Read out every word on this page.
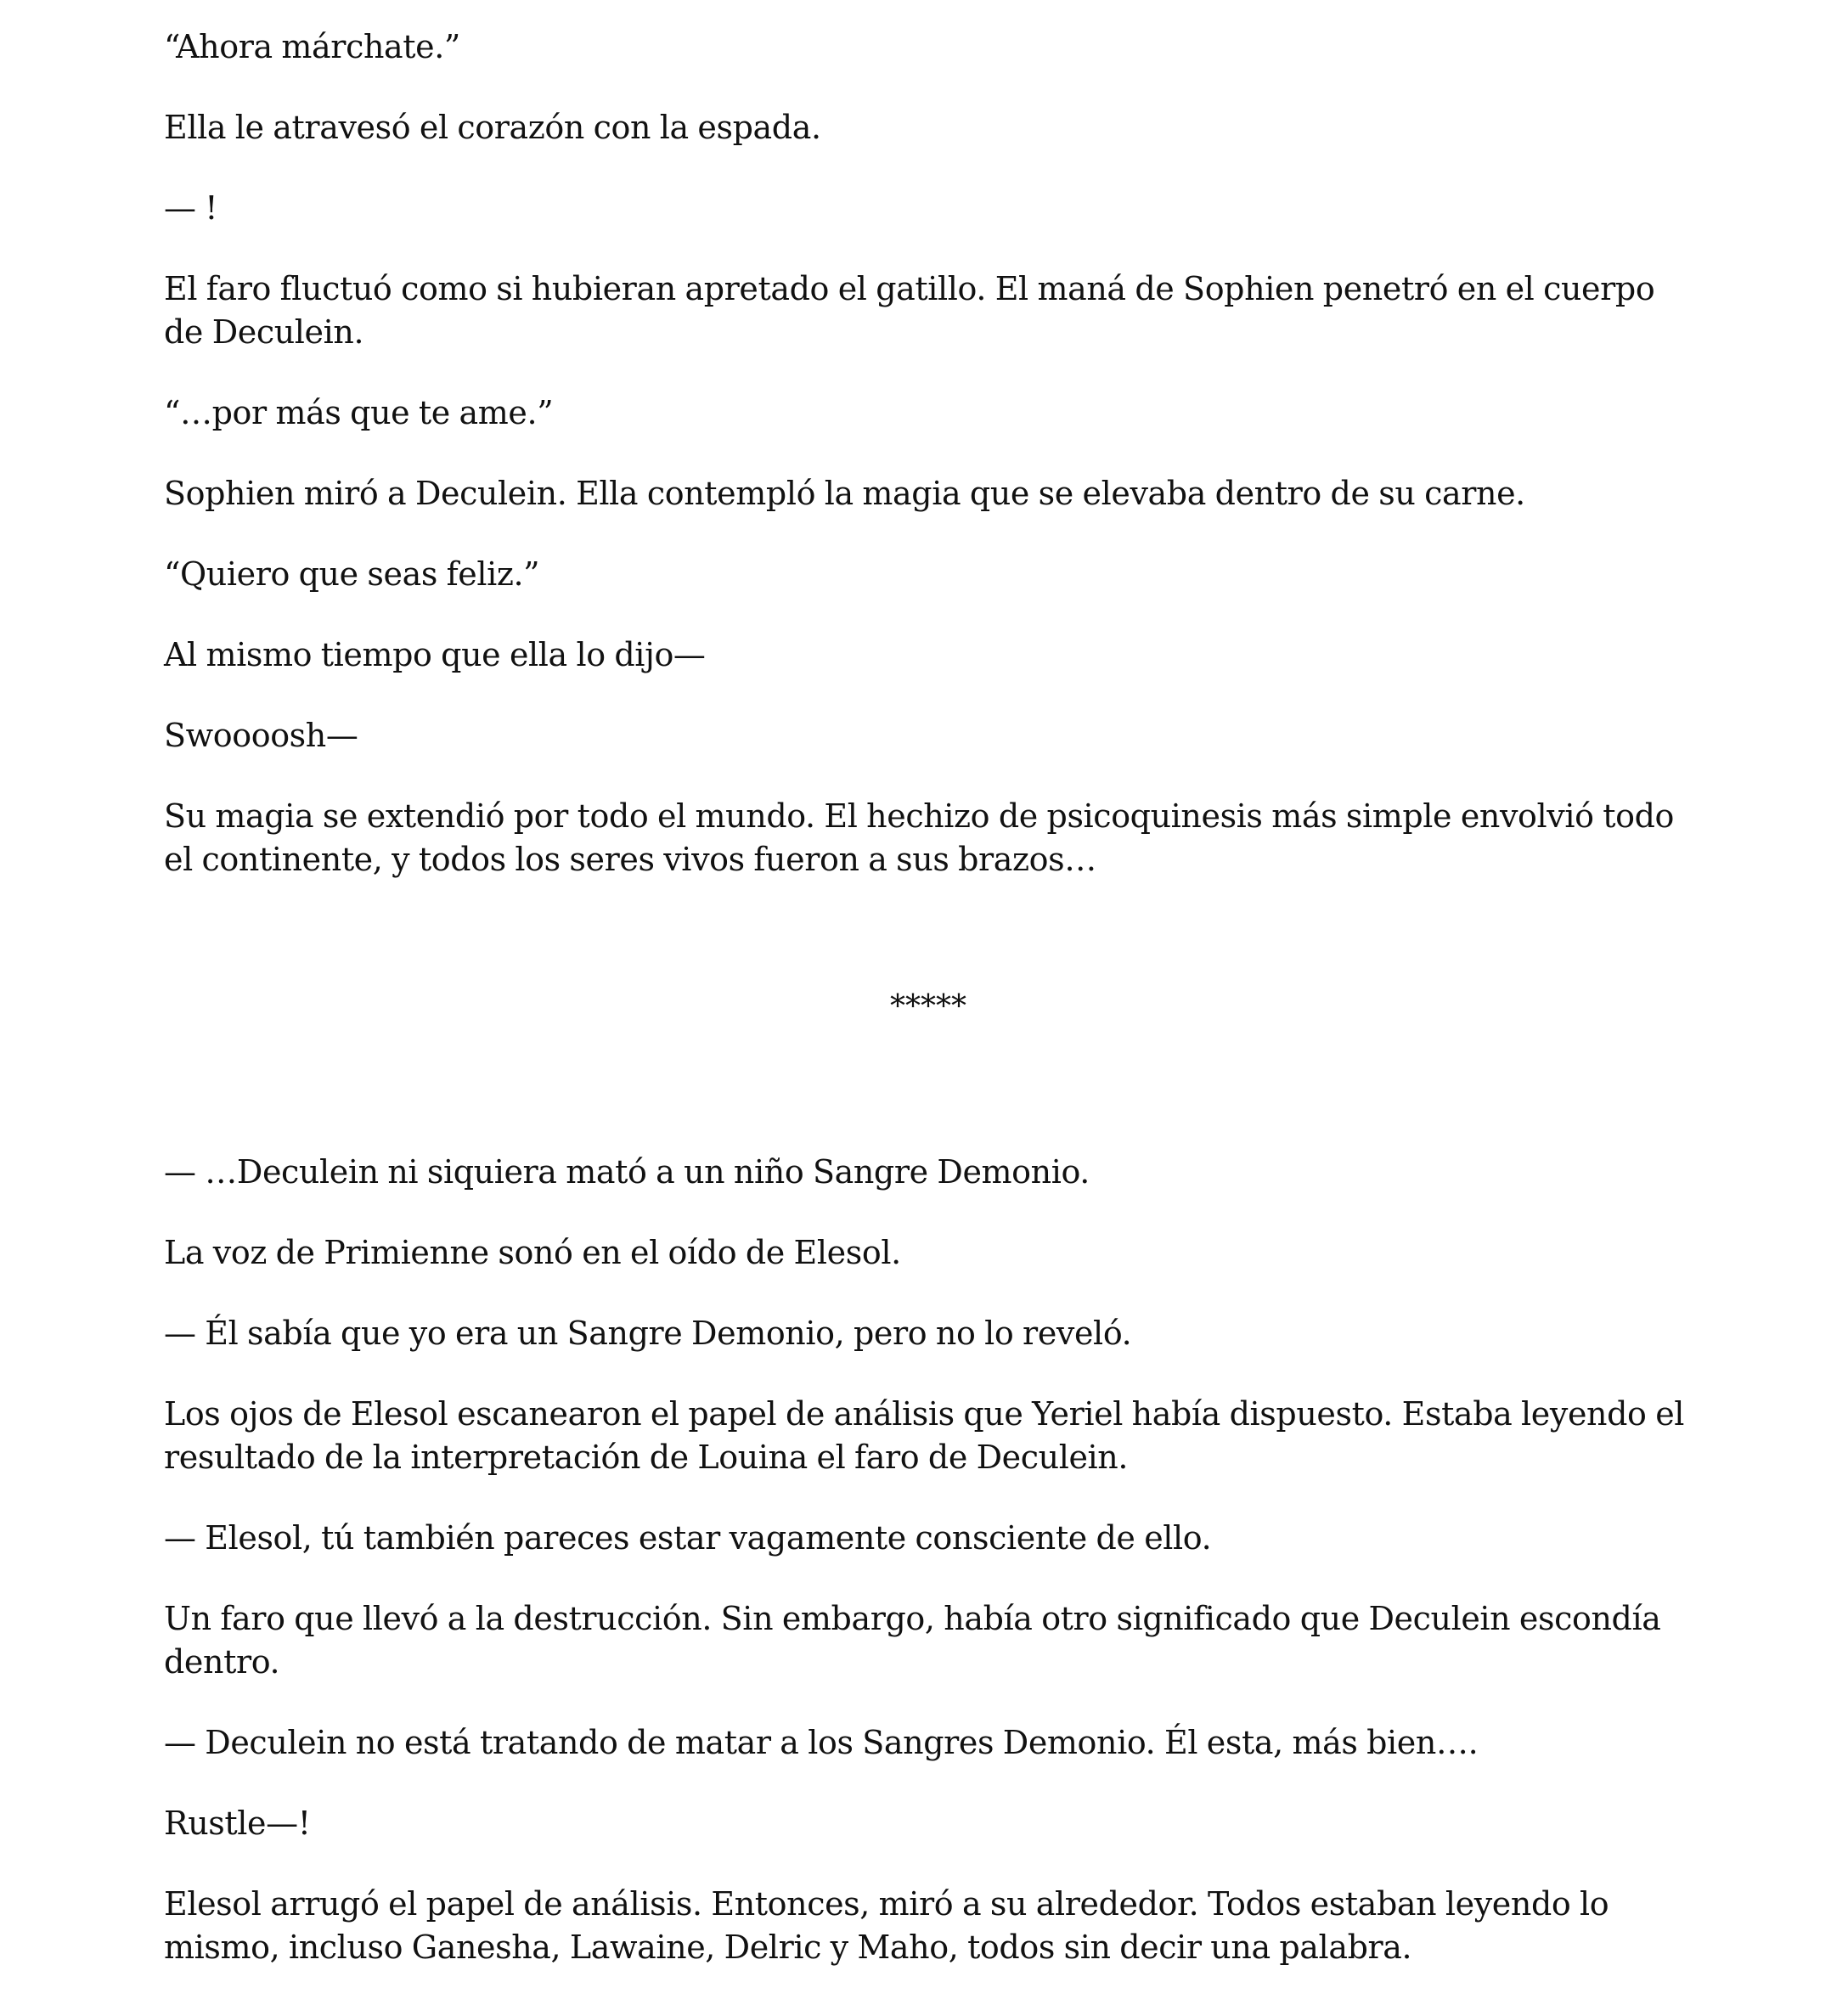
“Ahora márchate.”

Ella le atravesó el corazón con la espada.

— !

El faro fluctuó como si hubieran apretado el gatillo. El maná de Sophien penetró en el cuerpo de Deculein.

“…por más que te ame.”

Sophien miró a Deculein. Ella contempló la magia que se elevaba dentro de su carne.

“Quiero que seas feliz.”

Al mismo tiempo que ella lo dijo—

Swoooosh—

Su magia se extendió por todo el mundo. El hechizo de psicoquinesis más simple envolvió todo el continente, y todos los seres vivos fueron a sus brazos…

*****

— …Deculein ni siquiera mató a un niño Sangre Demonio.

La voz de Primienne sonó en el oído de Elesol.

— Él sabía que yo era un Sangre Demonio, pero no lo reveló.

Los ojos de Elesol escanearon el papel de análisis que Yeriel había dispuesto. Estaba leyendo el resultado de la interpretación de Louina el faro de Deculein.

— Elesol, tú también pareces estar vagamente consciente de ello.

Un faro que llevó a la destrucción. Sin embargo, había otro significado que Deculein escondía dentro.

— Deculein no está tratando de matar a los Sangres Demonio. Él esta, más bien….

Rustle—!

Elesol arrugó el papel de análisis. Entonces, miró a su alrededor. Todos estaban leyendo lo mismo, incluso Ganesha, Lawaine, Delric y Maho, todos sin decir una palabra.
